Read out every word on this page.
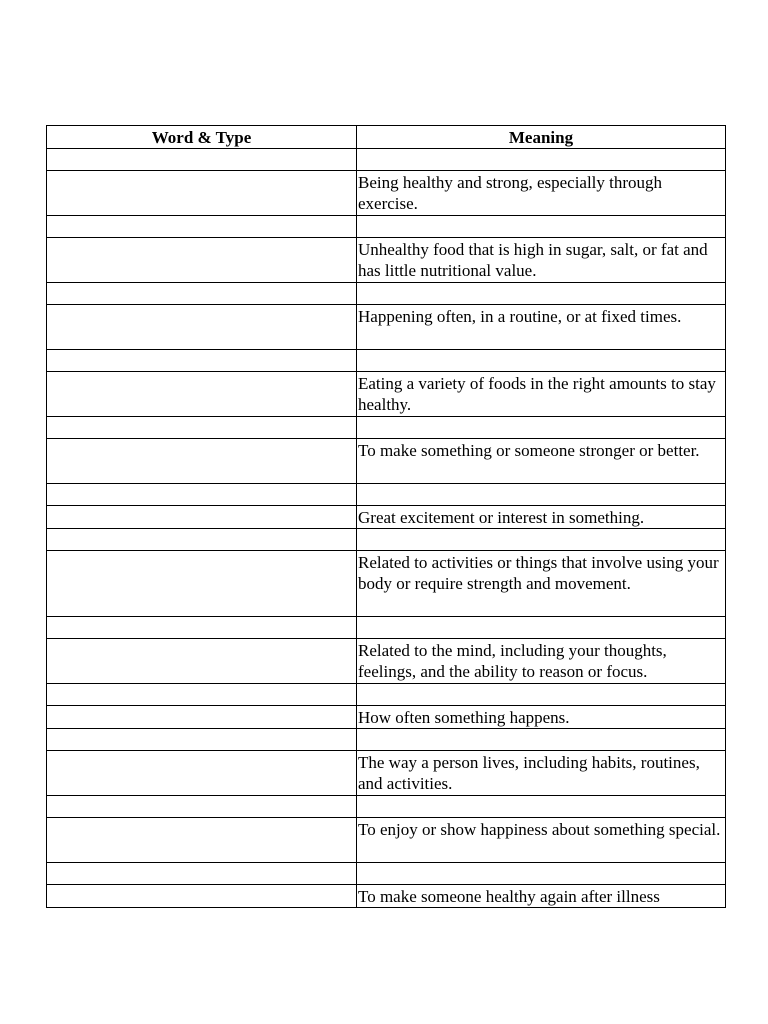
Word & Type	Meaning

	Being healthy and strong, especially through exercise.

	Unhealthy food that is high in sugar, salt, or fat and has little nutritional value.

	Happening often, in a routine, or at fixed times.

	Eating a variety of foods in the right amounts to stay healthy.

	To make something or someone stronger or better.

	Great excitement or interest in something.

	Related to activities or things that involve using your body or require strength and movement.

	Related to the mind, including your thoughts, feelings, and the ability to reason or focus.

	How often something happens.

	The way a person lives, including habits, routines, and activities.

	To enjoy or show happiness about something special.

	To make someone healthy again after illness
